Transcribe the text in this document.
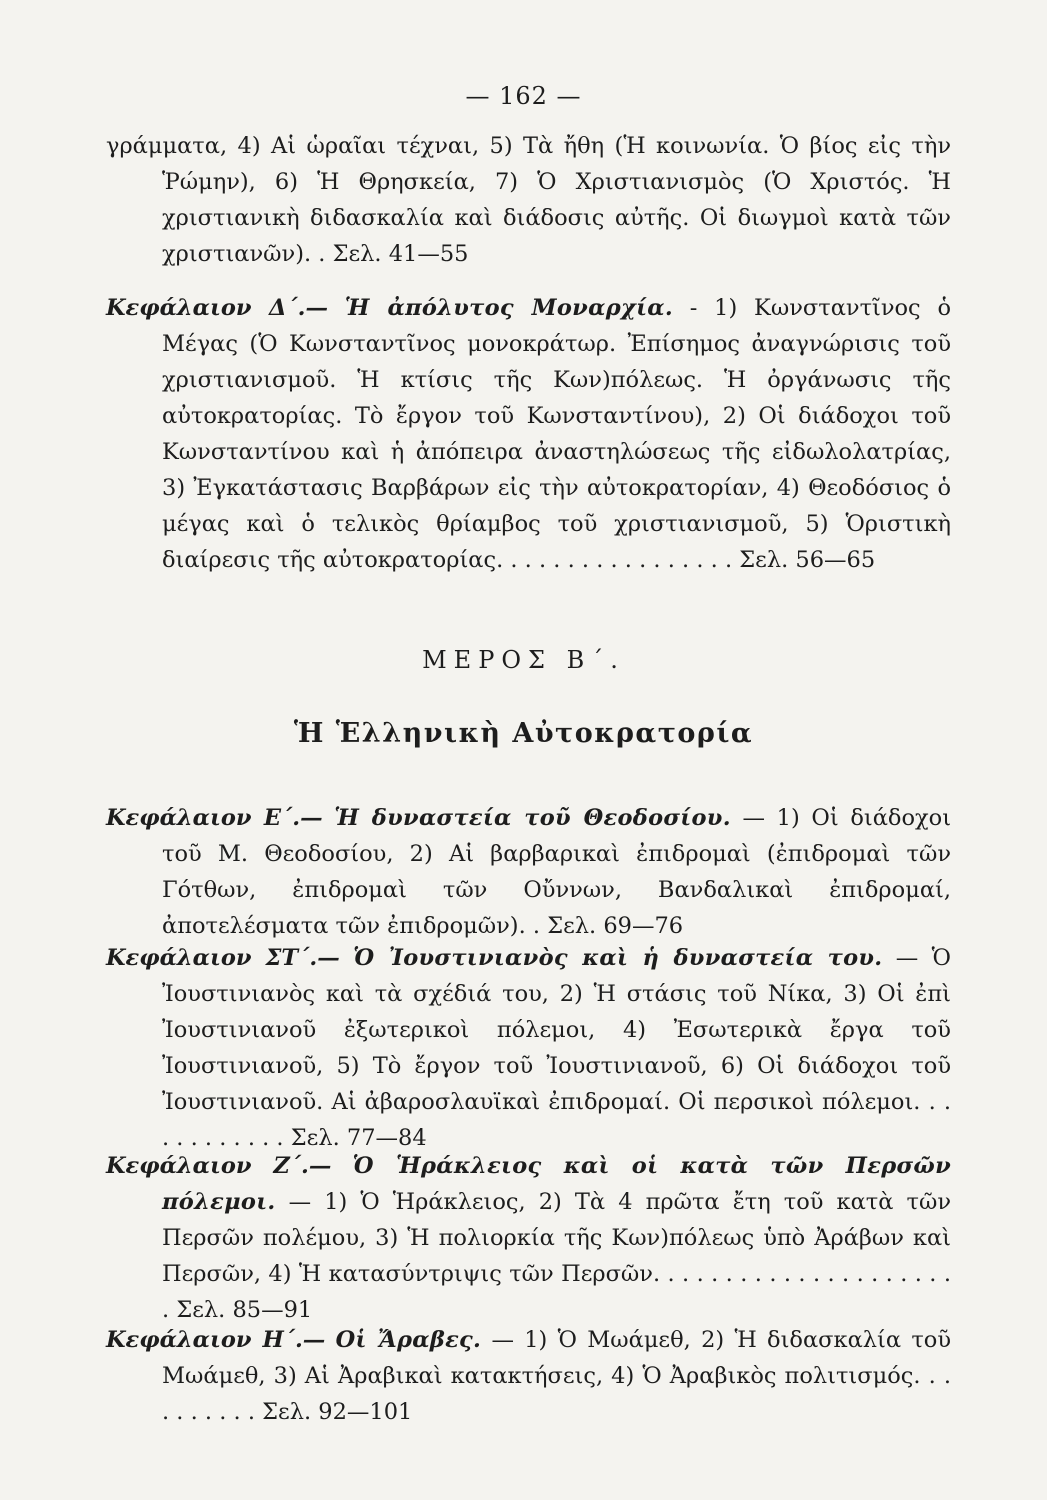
— 162 —

γράμματα, 4) Αἱ ὡραῖαι τέχναι, 5) Τὰ ἤθη (Ἡ κοινωνία. Ὁ βίος εἰς τὴν Ῥώμην), 6) Ἡ Θρησκεία, 7) Ὁ Χριστιανισμὸς (Ὁ Χριστός. Ἡ χριστιανικὴ διδασκαλία καὶ διάδοσις αὐτῆς. Οἱ διωγμοὶ κατὰ τῶν χριστιανῶν). . Σελ. 41—55

Κεφάλαιον Δ΄.— Ἡ ἀπόλυτος Μοναρχία. - 1) Κωνσταντῖνος ὁ Μέγας (Ὁ Κωνσταντῖνος μονοκράτωρ. Ἐπίσημος ἀναγνώρισις τοῦ χριστιανισμοῦ. Ἡ κτίσις τῆς Κων)πόλεως. Ἡ ὀργάνωσις τῆς αὐτοκρατορίας. Τὸ ἔργον τοῦ Κωνσταντίνου), 2) Οἱ διάδοχοι τοῦ Κωνσταντίνου καὶ ἡ ἀπόπειρα ἀναστηλώσεως τῆς εἰδωλολατρίας, 3) Ἐγκατάστασις Βαρβάρων εἰς τὴν αὐτοκρατορίαν, 4) Θεοδόσιος ὁ μέγας καὶ ὁ τελικὸς θρίαμβος τοῦ χριστιανισμοῦ, 5) Ὁριστικὴ διαίρεσις τῆς αὐτοκρατορίας. . . . . . . . . . . . . . . . . Σελ. 56—65
ΜΕΡΟΣ Β΄.
Ἡ Ἑλληνικὴ Αὐτοκρατορία
Κεφάλαιον Ε΄.— Ἡ δυναστεία τοῦ Θεοδοσίου. — 1) Οἱ διάδοχοι τοῦ Μ. Θεοδοσίου, 2) Αἱ βαρβαρικαὶ ἐπιδρομαὶ (ἐπιδρομαὶ τῶν Γότθων, ἐπιδρομαὶ τῶν Οὔννων, Βανδαλικαὶ ἐπιδρομαί, ἀποτελέσματα τῶν ἐπιδρομῶν). . Σελ. 69—76
Κεφάλαιον ΣΤ΄.— Ὁ Ἰουστινιανὸς καὶ ἡ δυναστεία του. — Ὁ Ἰουστινιανὸς καὶ τὰ σχέδιά του, 2) Ἡ στάσις τοῦ Νίκα, 3) Οἱ ἐπὶ Ἰουστινιανοῦ ἐξωτερικοὶ πόλεμοι, 4) Ἐσωτερικὰ ἔργα τοῦ Ἰουστινιανοῦ, 5) Τὸ ἔργον τοῦ Ἰουστινιανοῦ, 6) Οἱ διάδοχοι τοῦ Ἰουστινιανοῦ. Αἱ ἀβαροσλαυϊκαὶ ἐπιδρομαί. Οἱ περσικοὶ πόλεμοι. . . . . . . . . . . . Σελ. 77—84
Κεφάλαιον Ζ΄.— Ὁ Ἡράκλειος καὶ οἱ κατὰ τῶν Περσῶν πόλεμοι. — 1) Ὁ Ἡράκλειος, 2) Τὰ 4 πρῶτα ἔτη τοῦ κατὰ τῶν Περσῶν πολέμου, 3) Ἡ πολιορκία τῆς Κων)πόλεως ὑπὸ Ἀράβων καὶ Περσῶν, 4) Ἡ κατασύντριψις τῶν Περσῶν. . . . . . . . . . . . . . . . . . . . . . Σελ. 85—91
Κεφάλαιον Η΄.— Οἱ Ἄραβες. — 1) Ὁ Μωάμεθ, 2) Ἡ διδασκαλία τοῦ Μωάμεθ, 3) Αἱ Ἀραβικαὶ κατακτήσεις, 4) Ὁ Ἀραβικὸς πολιτισμός. . . . . . . . . . Σελ. 92—101
